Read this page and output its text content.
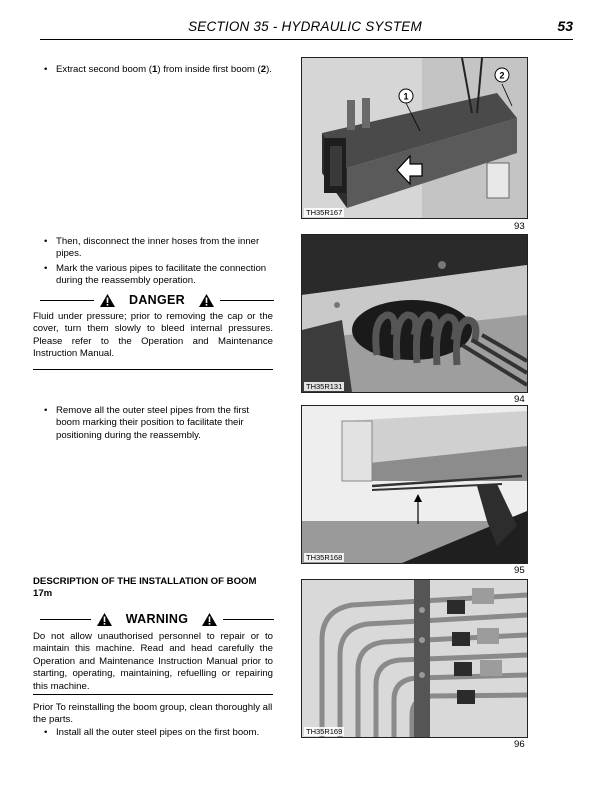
SECTION 35 - HYDRAULIC SYSTEM	53
• Extract second boom (1) from inside first boom (2).
1
2
TH35R167
93
• Then, disconnect the inner hoses from the inner pipes.
• Mark the various pipes to facilitate the connection during the reassembly operation.
DANGER
Fluid under pressure; prior to removing the cap or the cover, turn them slowly to bleed internal pressures. Please refer to the Operation and Maintenance Instruction Manual.
TH35R131
94
• Remove all the outer steel pipes from the first boom marking their position to facilitate their positioning during the reassembly.
TH35R168
95
DESCRIPTION OF THE INSTALLATION OF BOOM 17m
WARNING
Do not allow unauthorised personnel to repair or to maintain this machine. Read and head carefully the Operation and Maintenance Instruction Manual prior to starting, operating, maintaining, refuelling or repairing this machine.
Prior To reinstalling the boom group, clean thoroughly all the parts.
• Install all the outer steel pipes on the first boom.	TH35R169
96
